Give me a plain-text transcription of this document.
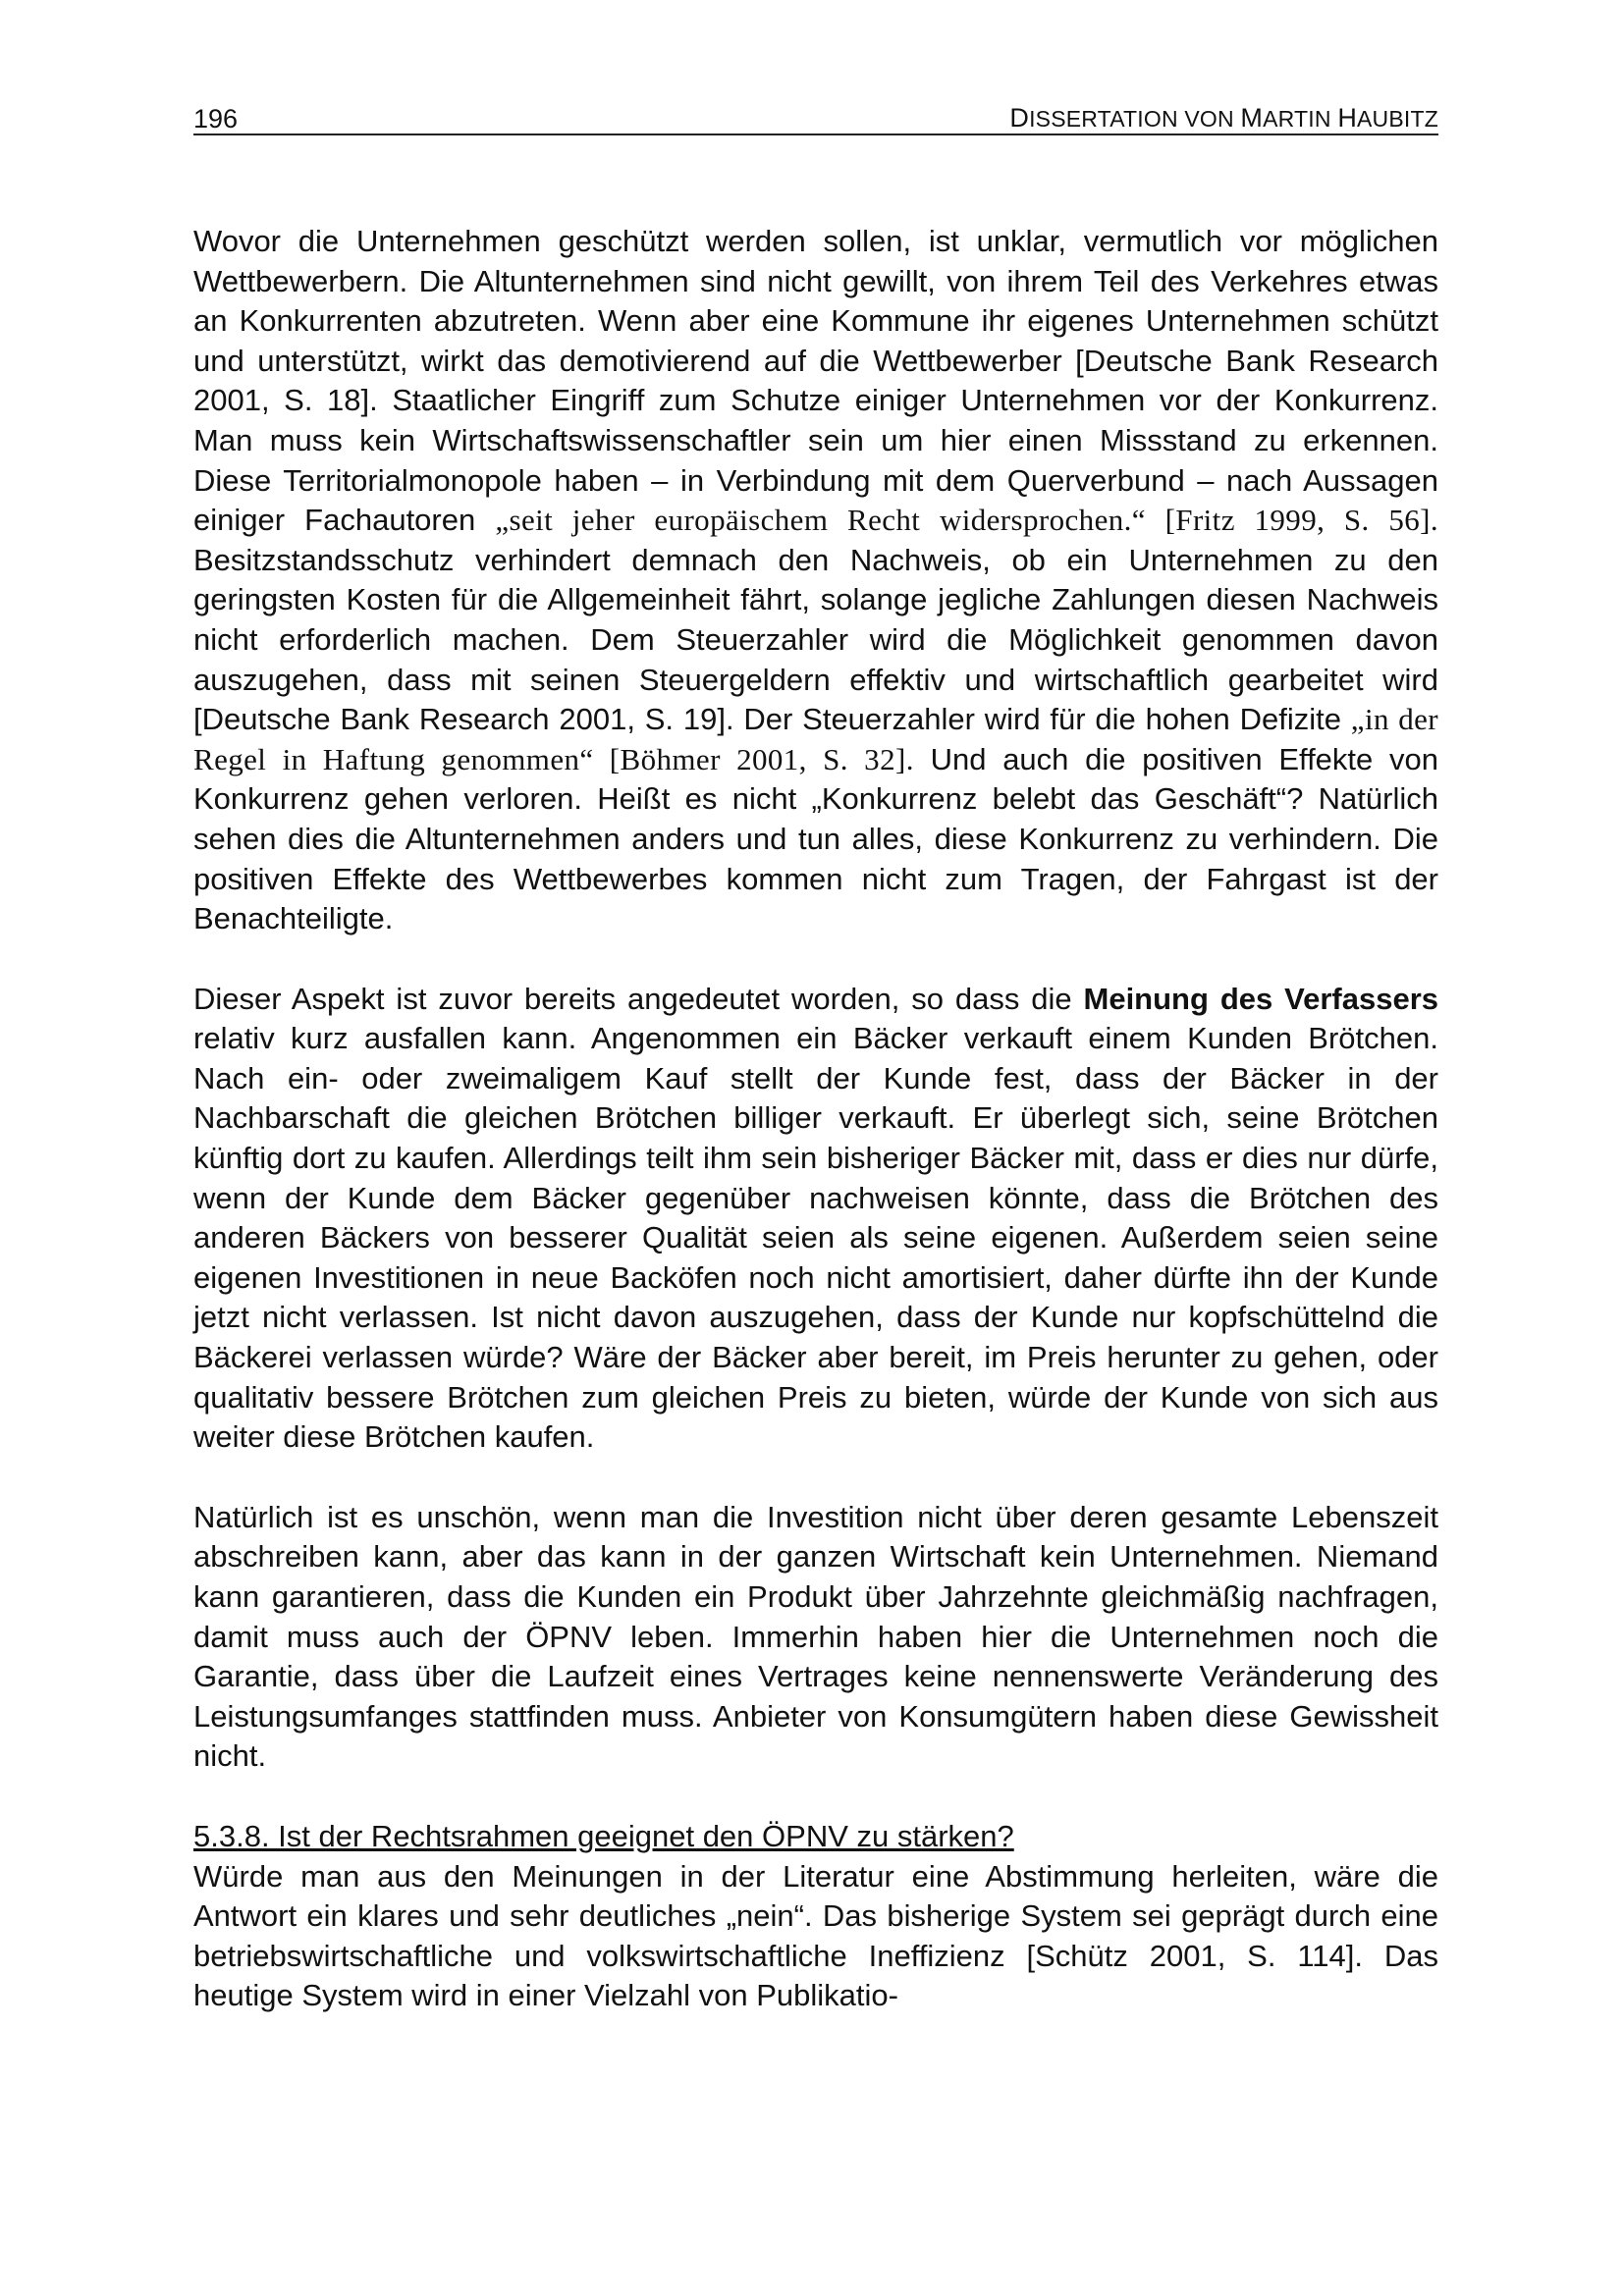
196	DISSERTATION VON MARTIN HAUBITZ

Wovor die Unternehmen geschützt werden sollen, ist unklar, vermutlich vor möglichen Wettbewerbern. Die Altunternehmen sind nicht gewillt, von ihrem Teil des Verkehres etwas an Konkurrenten abzutreten. Wenn aber eine Kommune ihr eigenes Unternehmen schützt und unterstützt, wirkt das demotivierend auf die Wettbewerber [Deutsche Bank Research 2001, S. 18]. Staatlicher Eingriff zum Schutze einiger Unternehmen vor der Konkurrenz. Man muss kein Wirtschaftswissenschaftler sein um hier einen Missstand zu erkennen. Diese Territorialmonopole haben – in Verbindung mit dem Querverbund – nach Aussagen einiger Fachautoren „seit jeher europäischem Recht widersprochen.“ [Fritz 1999, S. 56]. Besitzstandsschutz verhindert demnach den Nachweis, ob ein Unternehmen zu den geringsten Kosten für die Allgemeinheit fährt, solange jegliche Zahlungen diesen Nachweis nicht erforderlich machen. Dem Steuerzahler wird die Möglichkeit genommen davon auszugehen, dass mit seinen Steuergeldern effektiv und wirtschaftlich gearbeitet wird [Deutsche Bank Research 2001, S. 19]. Der Steuerzahler wird für die hohen Defizite „in der Regel in Haftung genommen“ [Böhmer 2001, S. 32]. Und auch die positiven Effekte von Konkurrenz gehen verloren. Heißt es nicht „Konkurrenz belebt das Geschäft“? Natürlich sehen dies die Altunternehmen anders und tun alles, diese Konkurrenz zu verhindern. Die positiven Effekte des Wettbewerbes kommen nicht zum Tragen, der Fahrgast ist der Benachteiligte.

Dieser Aspekt ist zuvor bereits angedeutet worden, so dass die Meinung des Verfassers relativ kurz ausfallen kann. Angenommen ein Bäcker verkauft einem Kunden Brötchen. Nach ein- oder zweimaligem Kauf stellt der Kunde fest, dass der Bäcker in der Nachbarschaft die gleichen Brötchen billiger verkauft. Er überlegt sich, seine Brötchen künftig dort zu kaufen. Allerdings teilt ihm sein bisheriger Bäcker mit, dass er dies nur dürfe, wenn der Kunde dem Bäcker gegenüber nachweisen könnte, dass die Brötchen des anderen Bäckers von besserer Qualität seien als seine eigenen. Außerdem seien seine eigenen Investitionen in neue Backöfen noch nicht amortisiert, daher dürfte ihn der Kunde jetzt nicht verlassen. Ist nicht davon auszugehen, dass der Kunde nur kopfschüttelnd die Bäckerei verlassen würde? Wäre der Bäcker aber bereit, im Preis herunter zu gehen, oder qualitativ bessere Brötchen zum gleichen Preis zu bieten, würde der Kunde von sich aus weiter diese Brötchen kaufen.

Natürlich ist es unschön, wenn man die Investition nicht über deren gesamte Lebenszeit abschreiben kann, aber das kann in der ganzen Wirtschaft kein Unternehmen. Niemand kann garantieren, dass die Kunden ein Produkt über Jahrzehnte gleichmäßig nachfragen, damit muss auch der ÖPNV leben. Immerhin haben hier die Unternehmen noch die Garantie, dass über die Laufzeit eines Vertrages keine nennenswerte Veränderung des Leistungsumfanges stattfinden muss. Anbieter von Konsumgütern haben diese Gewissheit nicht.

5.3.8. Ist der Rechtsrahmen geeignet den ÖPNV zu stärken?

Würde man aus den Meinungen in der Literatur eine Abstimmung herleiten, wäre die Antwort ein klares und sehr deutliches „nein“. Das bisherige System sei geprägt durch eine betriebswirtschaftliche und volkswirtschaftliche Ineffizienz [Schütz 2001, S. 114]. Das heutige System wird in einer Vielzahl von Publikatio-
